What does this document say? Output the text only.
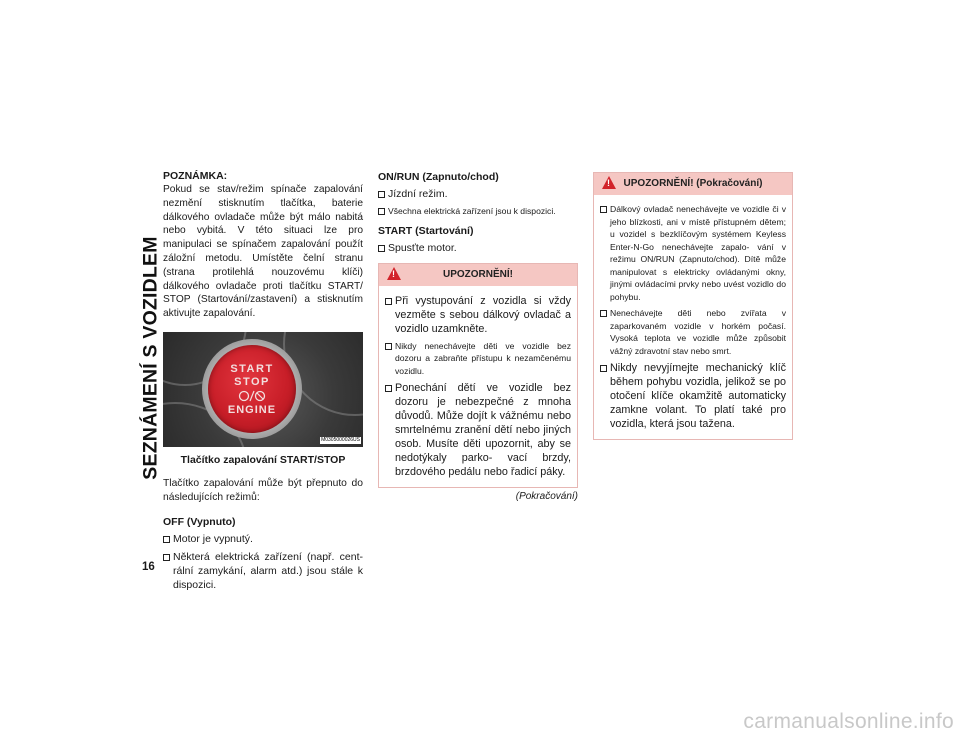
SEZNÁMENÍ S VOZIDLEM
16

POZNÁMKA:

Pokud se stav/režim spínače zapalování nezmění stisknutím tlačítka, baterie dálkového ovladače může být málo nabitá nebo vybitá. V této situaci lze pro manipulaci se spínačem zapalování použít záložní metodu. Umístěte čelní stranu (strana protilehlá nouzovému klíči) dálkového ovladače proti tlačítku START/ STOP (Startování/zastavení) a stisknutím aktivujte zapalování.

START
STOP
ENGINE
M0305000026US

Tlačítko zapalování START/STOP

Tlačítko zapalování může být přepnuto do následujících režimů:

OFF (Vypnuto)

Motor je vypnutý.
Některá elektrická zařízení (např. cent- rální zamykání, alarm atd.) jsou stále k dispozici.

ON/RUN (Zapnuto/chod)

Jízdní režim.
Všechna elektrická zařízení jsou k dispozici.

START (Startování)

Spusťte motor.
!
UPOZORNĚNÍ!
Při vystupování z vozidla si vždy vezměte s sebou dálkový ovladač a vozidlo uzamkněte.
Nikdy nenechávejte děti ve vozidle bez dozoru a zabraňte přístupu k nezamčenému vozidlu.
Ponechání dětí ve vozidle bez dozoru je nebezpečné z mnoha důvodů. Může dojít k vážnému nebo smrtelnému zranění dětí nebo jiných osob. Musíte děti upozornit, aby se nedotýkaly parko- vací brzdy, brzdového pedálu nebo řadicí páky.
(Pokračování)
!
UPOZORNĚNÍ! (Pokračování)
Dálkový ovladač nenechávejte ve vozidle či v jeho blízkosti, ani v místě přístupném dětem; u vozidel s bezklíčovým systémem Keyless Enter-N-Go nenechávejte zapalo- vání v režimu ON/RUN (Zapnuto/chod). Dítě může manipulovat s elektricky ovládanými okny, jinými ovládacími prvky nebo uvést vozidlo do pohybu.
Nenechávejte děti nebo zvířata v zaparkovaném vozidle v horkém počasí. Vysoká teplota ve vozidle může způsobit vážný zdravotní stav nebo smrt.
Nikdy nevyjímejte mechanický klíč během pohybu vozidla, jelikož se po otočení klíče okamžitě automaticky zamkne volant. To platí také pro vozidla, která jsou tažena.
carmanualsonline.info
